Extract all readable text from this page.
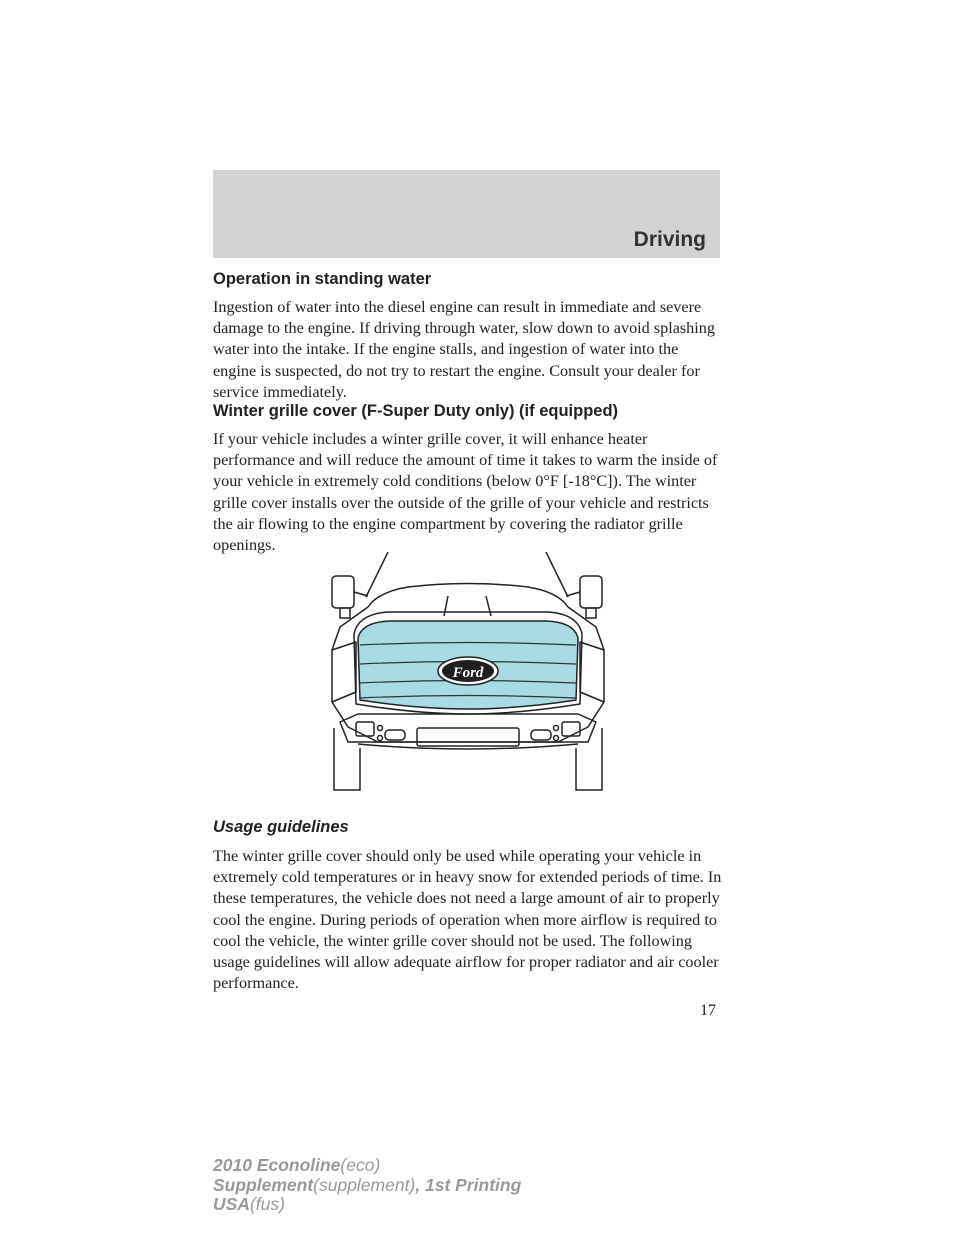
Driving

Operation in standing water

Ingestion of water into the diesel engine can result in immediate and severe damage to the engine. If driving through water, slow down to avoid splashing water into the intake. If the engine stalls, and ingestion of water into the engine is suspected, do not try to restart the engine. Consult your dealer for service immediately.

Winter grille cover (F-Super Duty only) (if equipped)

If your vehicle includes a winter grille cover, it will enhance heater performance and will reduce the amount of time it takes to warm the inside of your vehicle in extremely cold conditions (below 0°F [-18°C]). The winter grille cover installs over the outside of the grille of your vehicle and restricts the air flowing to the engine compartment by covering the radiator grille openings.

Ford

Usage guidelines

The winter grille cover should only be used while operating your vehicle in extremely cold temperatures or in heavy snow for extended periods of time. In these temperatures, the vehicle does not need a large amount of air to properly cool the engine. During periods of operation when more airflow is required to cool the vehicle, the winter grille cover should not be used. The following usage guidelines will allow adequate airflow for proper radiator and air cooler performance.

17
2010 Econoline(eco)
Supplement(supplement), 1st Printing
USA(fus)
